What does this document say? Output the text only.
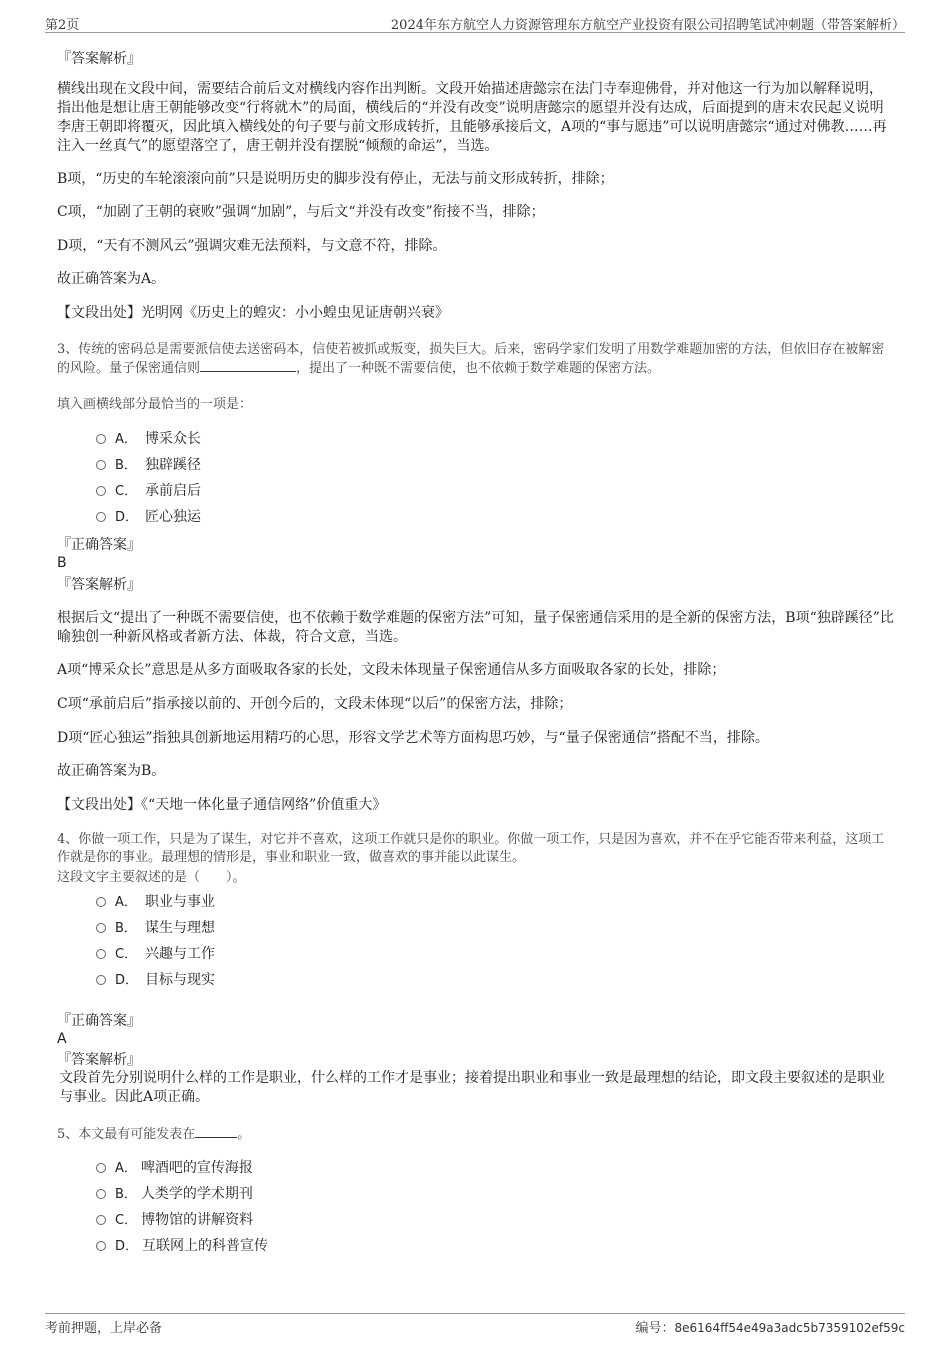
第2页	2024年东方航空人力资源管理东方航空产业投资有限公司招聘笔试冲刺题（带答案解析）
『答案解析』
横线出现在文段中间，需要结合前后文对横线内容作出判断。文段开始描述唐懿宗在法门寺奉迎佛骨，并对他这一行为加以解释说明，指出他是想让唐王朝能够改变“行将就木”的局面，横线后的“并没有改变”说明唐懿宗的愿望并没有达成，后面提到的唐末农民起义说明李唐王朝即将覆灭，因此填入横线处的句子要与前文形成转折，且能够承接后文，A项的“事与愿违”可以说明唐懿宗“通过对佛教……再注入一丝真气”的愿望落空了，唐王朝并没有摆脱“倾颓的命运”，当选。
B项，“历史的车轮滚滚向前”只是说明历史的脚步没有停止，无法与前文形成转折，排除；
C项，“加剧了王朝的衰败”强调“加剧”，与后文“并没有改变”衔接不当，排除；
D项，“天有不测风云”强调灾难无法预料，与文意不符，排除。
故正确答案为A。
【文段出处】光明网《历史上的蝗灾：小小蝗虫见证唐朝兴衰》
3、传统的密码总是需要派信使去送密码本，信使若被抓或叛变，损失巨大。后来，密码学家们发明了用数学难题加密的方法，但依旧存在被解密的风险。量子保密通信则	，提出了一种既不需要信使，也不依赖于数学难题的保密方法。
填入画横线部分最恰当的一项是：
A． 博采众长
B． 独辟蹊径
C． 承前启后
D． 匠心独运
『正确答案』
B
『答案解析』
根据后文“提出了一种既不需要信使，也不依赖于数学难题的保密方法”可知，量子保密通信采用的是全新的保密方法，B项“独辟蹊径”比喻独创一种新风格或者新方法、体裁，符合文意，当选。
A项“博采众长”意思是从多方面吸取各家的长处，文段未体现量子保密通信从多方面吸取各家的长处，排除；
C项“承前启后”指承接以前的、开创今后的，文段未体现“以后”的保密方法，排除；
D项“匠心独运”指独具创新地运用精巧的心思，形容文学艺术等方面构思巧妙，与“量子保密通信”搭配不当，排除。
故正确答案为B。
【文段出处】《“天地一体化量子通信网络”价值重大》
4、你做一项工作，只是为了谋生，对它并不喜欢，这项工作就只是你的职业。你做一项工作，只是因为喜欢，并不在乎它能否带来利益，这项工作就是你的事业。最理想的情形是，事业和职业一致，做喜欢的事并能以此谋生。
这段文字主要叙述的是（　　）。
A． 职业与事业
B． 谋生与理想
C． 兴趣与工作
D． 目标与现实
『正确答案』
A
『答案解析』
文段首先分别说明什么样的工作是职业，什么样的工作才是事业；接着提出职业和事业一致是最理想的结论，即文段主要叙述的是职业与事业。因此A项正确。
5、本文最有可能发表在	。
A． 啤酒吧的宣传海报
B． 人类学的学术期刊
C． 博物馆的讲解资料
D． 互联网上的科普宣传
考前押题，上岸必备	编号：8e6164ff54e49a3adc5b7359102ef59c
